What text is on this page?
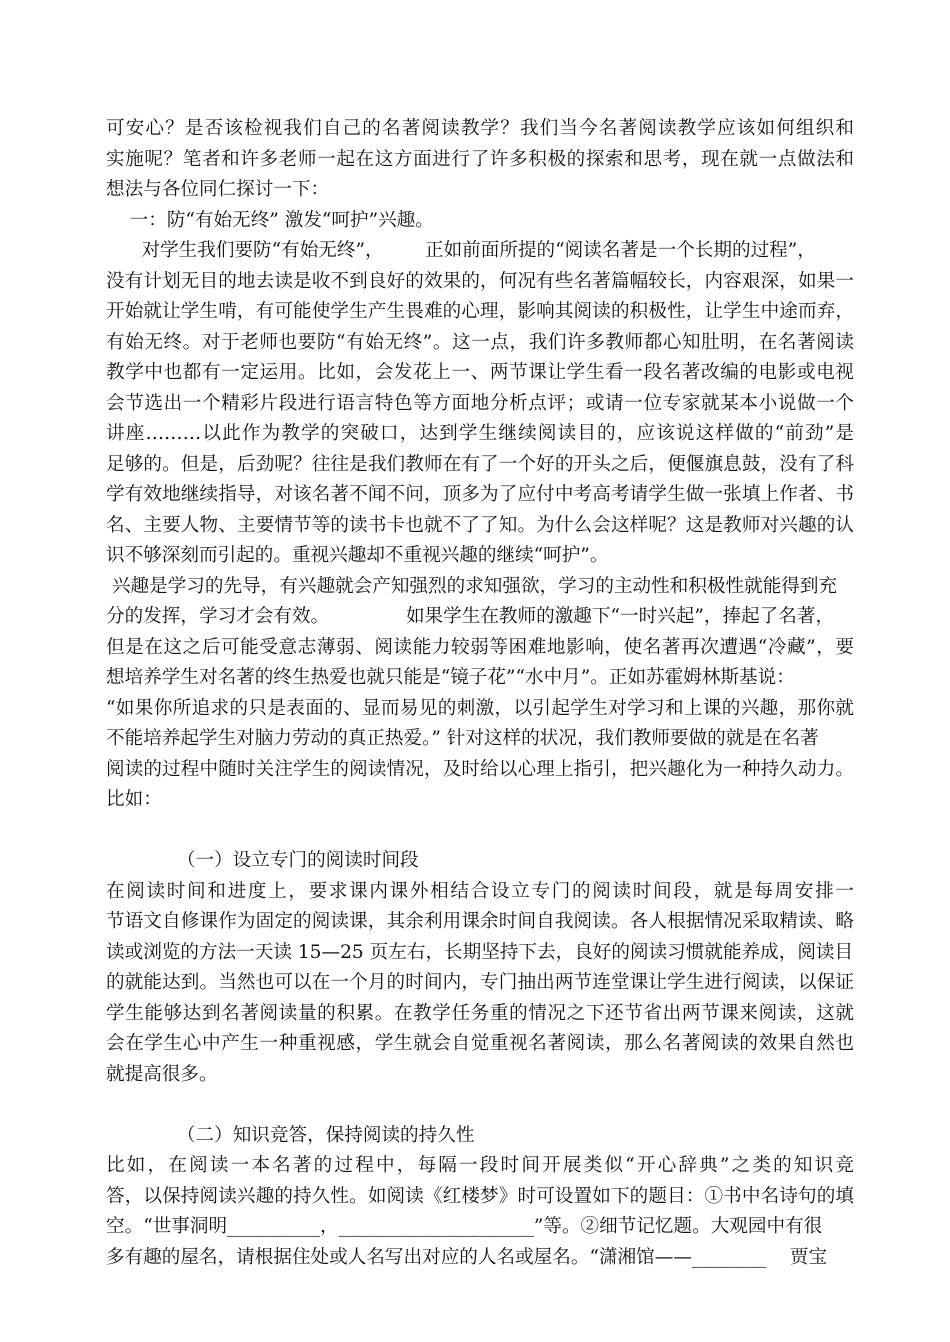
可安心？是否该检视我们自己的名著阅读教学？我们当今名著阅读教学应该如何组织和
实施呢？笔者和许多老师一起在这方面进行了许多积极的探索和思考，现在就一点做法和
想法与各位同仁探讨一下：
一：防“有始无终” 激发“呵护”兴趣。
对学生我们要防“有始无终”，       正如前面所提的“阅读名著是一个长期的过程”，
没有计划无目的地去读是收不到良好的效果的，何况有些名著篇幅较长，内容艰深，如果一
开始就让学生啃，有可能使学生产生畏难的心理，影响其阅读的积极性，让学生中途而弃，
有始无终。对于老师也要防“有始无终”。这一点，我们许多教师都心知肚明，在名著阅读
教学中也都有一定运用。比如，会发花上一、两节课让学生看一段名著改编的电影或电视
会节选出一个精彩片段进行语言特色等方面地分析点评；或请一位专家就某本小说做一个
讲座………以此作为教学的突破口，达到学生继续阅读目的，应该说这样做的“前劲”是
足够的。但是，后劲呢？往往是我们教师在有了一个好的开头之后，便偃旗息鼓，没有了科
学有效地继续指导，对该名著不闻不问，顶多为了应付中考高考请学生做一张填上作者、书
名、主要人物、主要情节等的读书卡也就不了了知。为什么会这样呢？这是教师对兴趣的认
识不够深刻而引起的。重视兴趣却不重视兴趣的继续“呵护”。
兴趣是学习的先导，有兴趣就会产知强烈的求知强欲，学习的主动性和积极性就能得到充
分的发挥，学习才会有效。             如果学生在教师的激趣下“一时兴起”，捧起了名著，
但是在这之后可能受意志薄弱、阅读能力较弱等困难地影响，使名著再次遭遇“冷藏”，要
想培养学生对名著的终生热爱也就只能是“镜子花”“水中月”。正如苏霍姆林斯基说：
“如果你所追求的只是表面的、显而易见的刺激，以引起学生对学习和上课的兴趣，那你就
不能培养起学生对脑力劳动的真正热爱。” 针对这样的状况，我们教师要做的就是在名著
阅读的过程中随时关注学生的阅读情况，及时给以心理上指引，把兴趣化为一种持久动力。
比如：
（一）设立专门的阅读时间段
在阅读时间和进度上，要求课内课外相结合设立专门的阅读时间段，就是每周安排一
节语文自修课作为固定的阅读课，其余利用课余时间自我阅读。各人根据情况采取精读、略
读或浏览的方法一天读 15—25 页左右，长期坚持下去，良好的阅读习惯就能养成，阅读目
的就能达到。当然也可以在一个月的时间内，专门抽出两节连堂课让学生进行阅读，以保证
学生能够达到名著阅读量的积累。在教学任务重的情况之下还节省出两节课来阅读，这就
会在学生心中产生一种重视感，学生就会自觉重视名著阅读，那么名著阅读的效果自然也
就提高很多。
（二）知识竞答，保持阅读的持久性
比如，在阅读一本名著的过程中，每隔一段时间开展类似“开心辞典”之类的知识竞
答，以保持阅读兴趣的持久性。如阅读《红楼梦》时可设置如下的题目：①书中名诗句的填
空。“世事洞明__________，_____________________”等。②细节记忆题。大观园中有很
多有趣的屋名，请根据住处或人名写出对应的人名或屋名。“潇湘馆——________    贾宝
